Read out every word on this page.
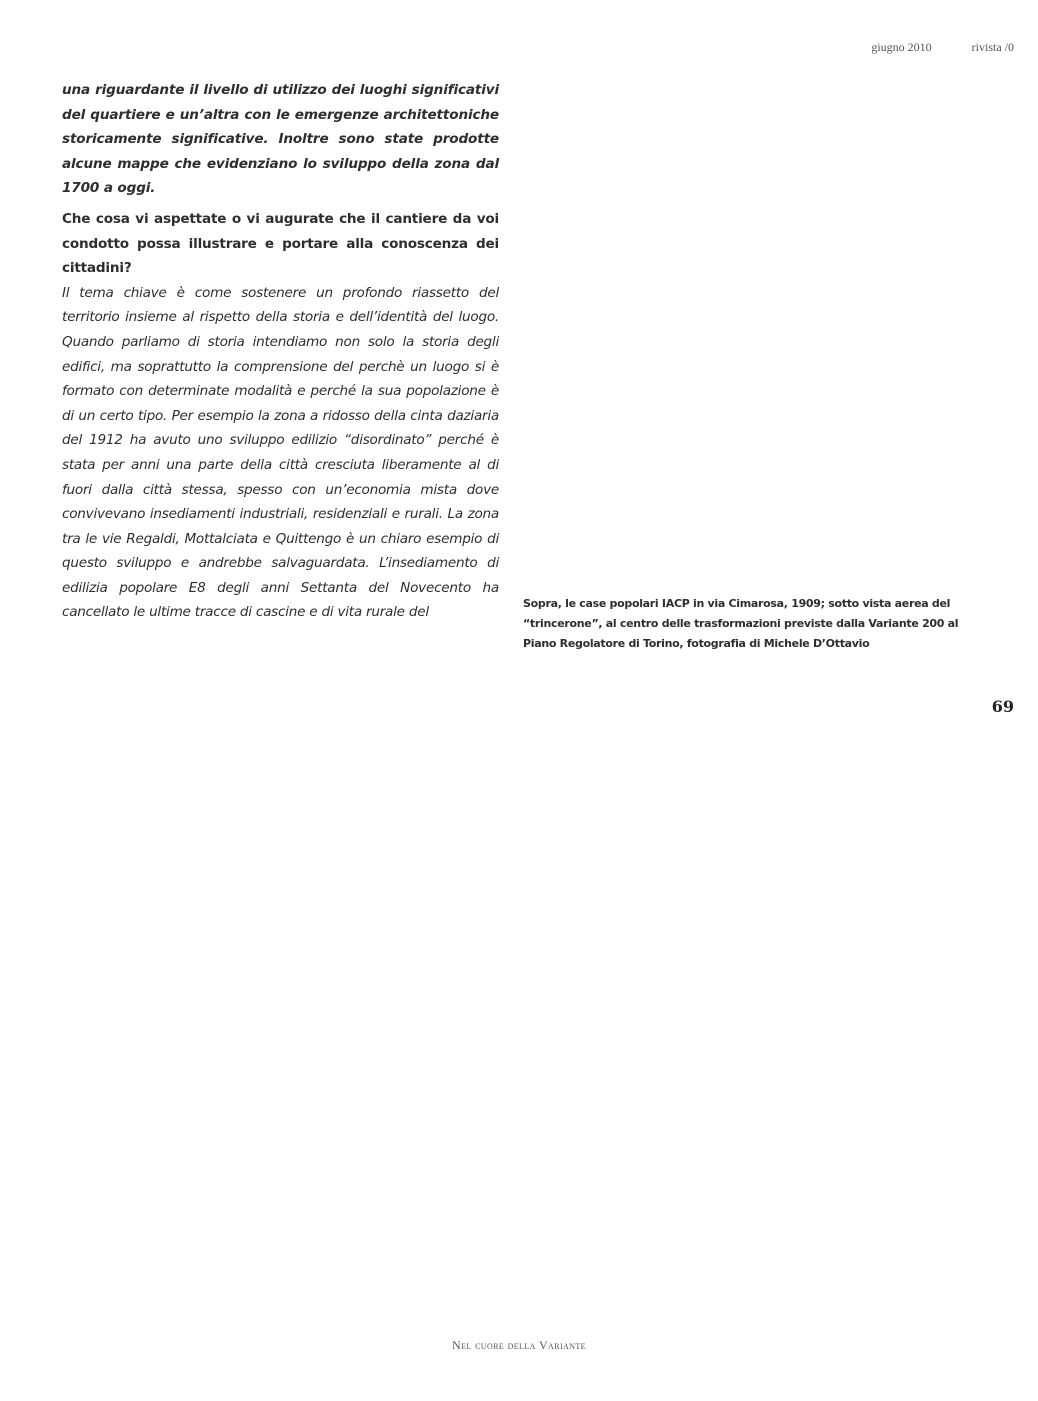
giugno 2010	rivista /0

una riguardante il livello di utilizzo dei luoghi significativi del quartiere e un’altra con le emergenze architettoniche storicamente significative. Inoltre sono state prodotte alcune mappe che evidenziano lo sviluppo della zona dal 1700 a oggi.

Che cosa vi aspettate o vi augurate che il cantiere da voi condotto possa illustrare e portare alla conoscenza dei cittadini?

Il tema chiave è come sostenere un profondo riassetto del territorio insieme al rispetto della storia e dell’identità del luogo. Quando parliamo di storia intendiamo non solo la storia degli edifici, ma soprattutto la comprensione del perchè un luogo si è formato con determinate modalità e perché la sua popolazione è di un certo tipo. Per esempio la zona a ridosso della cinta daziaria del 1912 ha avuto uno sviluppo edilizio “disordinato” perché è stata per anni una parte della città cresciuta liberamente al di fuori dalla città stessa, spesso con un’economia mista dove convivevano insediamenti industriali, residenziali e rurali. La zona tra le vie Regaldi, Mottalciata e Quittengo è un chiaro esempio di questo sviluppo e andrebbe salvaguardata. L’insediamento di edilizia popolare E8 degli anni Settanta del Novecento ha cancellato le ultime tracce di cascine e di vita rurale del

Sopra, le case popolari IACP in via Cimarosa, 1909; sotto vista aerea del “trincerone”, al centro delle trasformazioni previste dalla Variante 200 al Piano Regolatore di Torino, fotografia di Michele D’Ottavio
69
Nel cuore della Variante
